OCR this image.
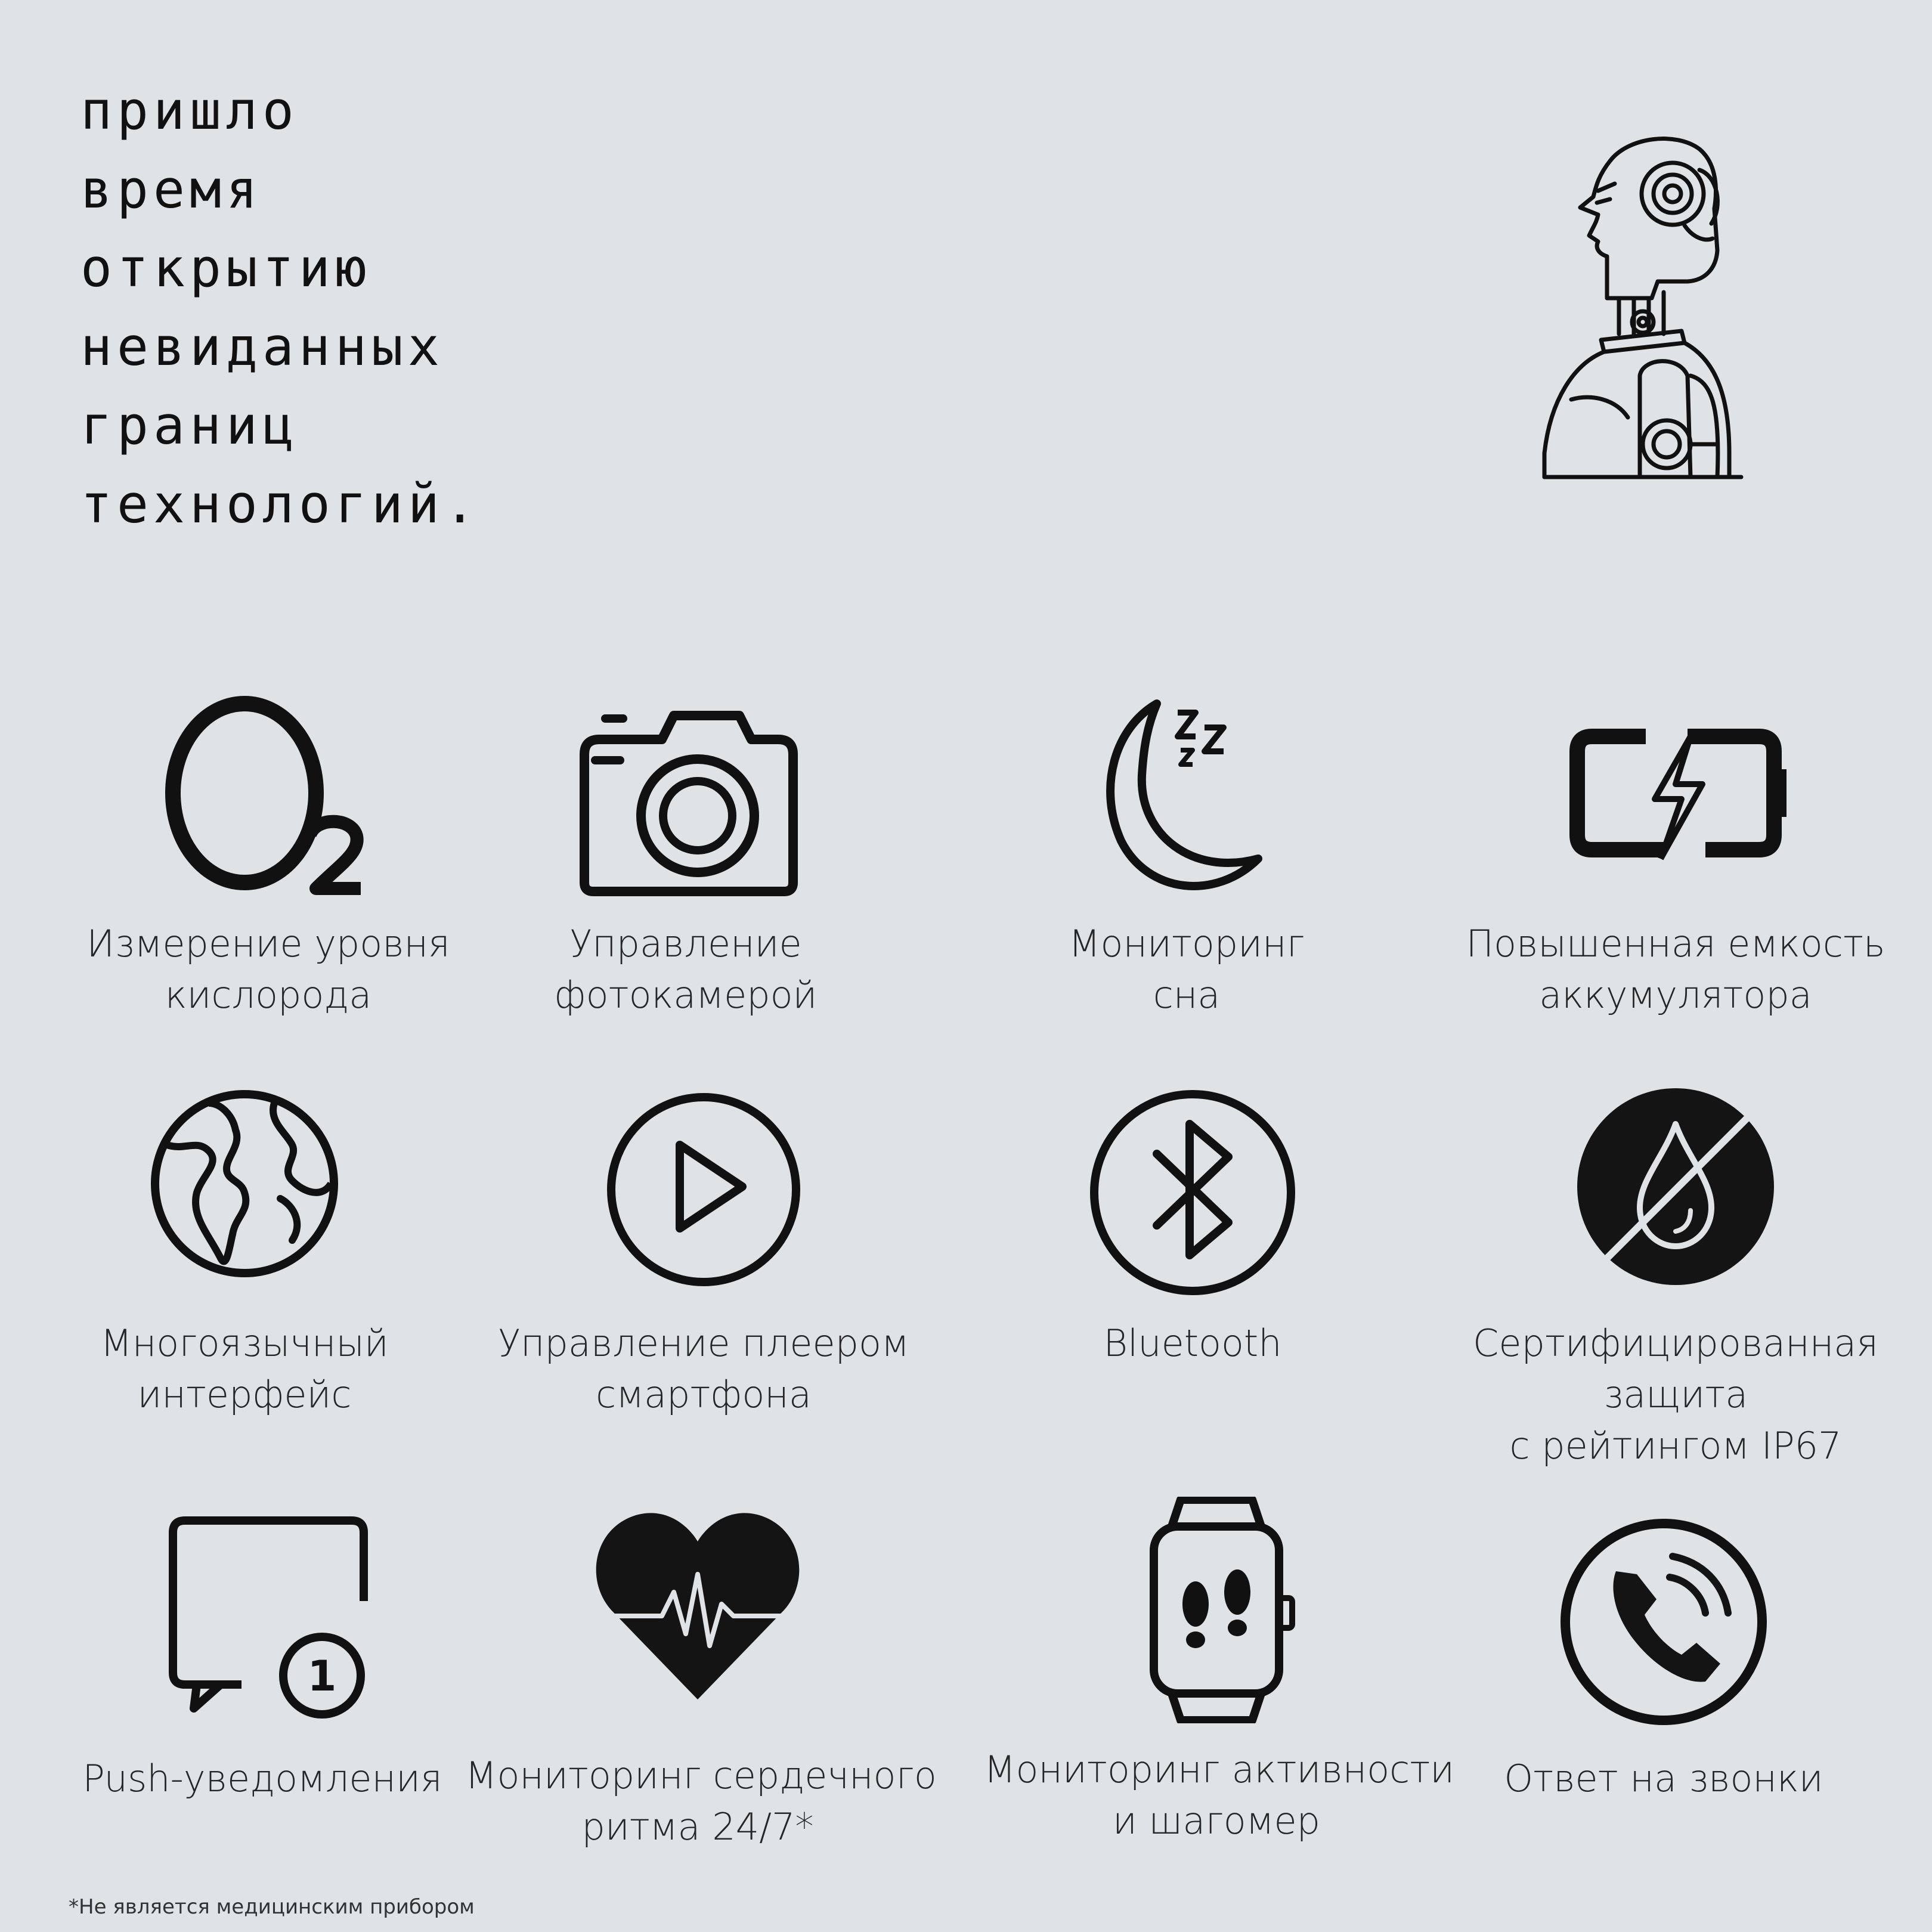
пришло
время
открытию
невиданных
границ
технологий.

Измерение уровня
кислорода

Управление
фотокамерой

Мониторинг
сна

Повышенная емкость
аккумулятора

Многоязычный
интерфейс

Управление плеером
смартфона

Bluetooth	Сертифицированная
защита
с рейтингом IP67

1

Push-уведомления Мониторинг сердечного
ритма 24/7*

Мониторинг активности
и шагомер

Ответ на звонки

*Не является медицинским прибором
